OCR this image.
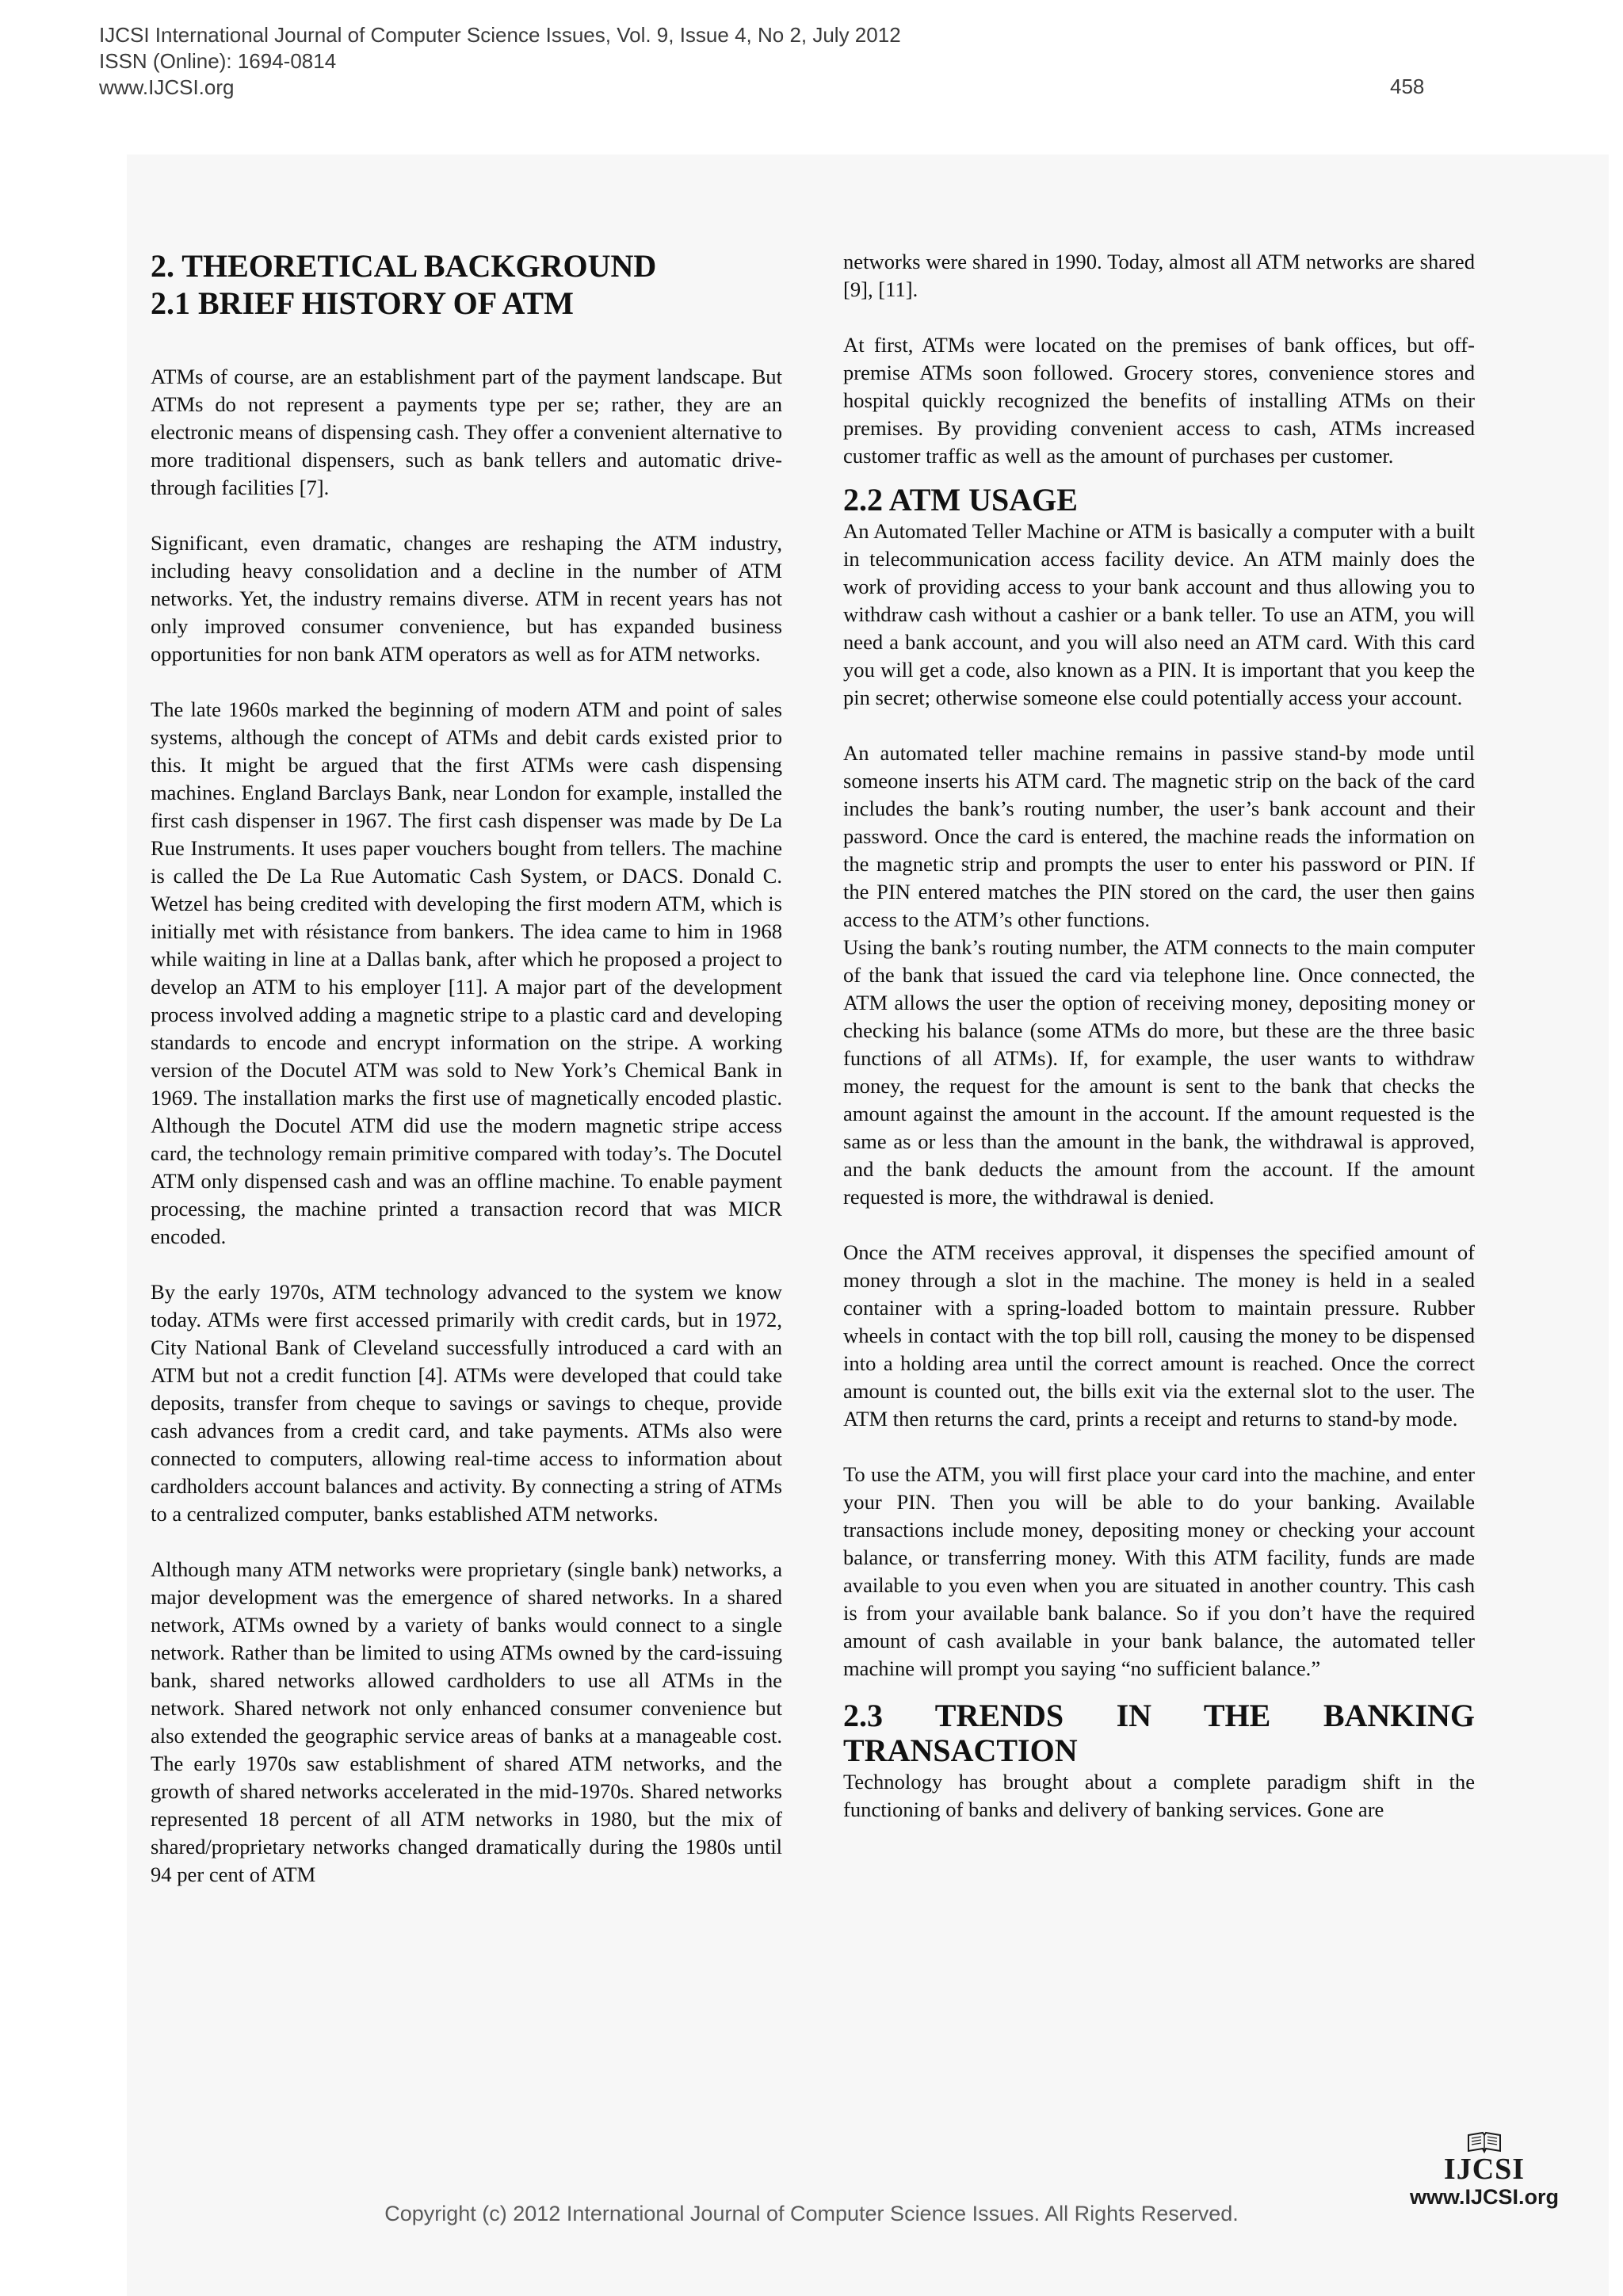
IJCSI International Journal of Computer Science Issues, Vol. 9, Issue 4, No 2, July 2012
ISSN (Online): 1694-0814
www.IJCSI.org	458
2. THEORETICAL BACKGROUND
2.1 BRIEF HISTORY OF ATM

ATMs of course, are an establishment part of the payment landscape. But ATMs do not represent a payments type per se; rather, they are an electronic means of dispensing cash. They offer a convenient alternative to more traditional dispensers, such as bank tellers and automatic drive- through facilities [7].

Significant, even dramatic, changes are reshaping the ATM industry, including heavy consolidation and a decline in the number of ATM networks. Yet, the industry remains diverse. ATM in recent years has not only improved consumer convenience, but has expanded business opportunities for non bank ATM operators as well as for ATM networks.

The late 1960s marked the beginning of modern ATM and point of sales systems, although the concept of ATMs and debit cards existed prior to this. It might be argued that the first ATMs were cash dispensing machines. England Barclays Bank, near London for example, installed the first cash dispenser in 1967. The first cash dispenser was made by De La Rue Instruments. It uses paper vouchers bought from tellers. The machine is called the De La Rue Automatic Cash System, or DACS. Donald C. Wetzel has being credited with developing the first modern ATM, which is initially met with résistance from bankers. The idea came to him in 1968 while waiting in line at a Dallas bank, after which he proposed a project to develop an ATM to his employer [11]. A major part of the development process involved adding a magnetic stripe to a plastic card and developing standards to encode and encrypt information on the stripe. A working version of the Docutel ATM was sold to New York’s Chemical Bank in 1969. The installation marks the first use of magnetically encoded plastic. Although the Docutel ATM did use the modern magnetic stripe access card, the technology remain primitive compared with today’s. The Docutel ATM only dispensed cash and was an offline machine. To enable payment processing, the machine printed a transaction record that was MICR encoded.

By the early 1970s, ATM technology advanced to the system we know today. ATMs were first accessed primarily with credit cards, but in 1972, City National Bank of Cleveland successfully introduced a card with an ATM but not a credit function [4]. ATMs were developed that could take deposits, transfer from cheque to savings or savings to cheque, provide cash advances from a credit card, and take payments. ATMs also were connected to computers, allowing real-time access to information about cardholders account balances and activity. By connecting a string of ATMs to a centralized computer, banks established ATM networks.

Although many ATM networks were proprietary (single bank) networks, a major development was the emergence of shared networks. In a shared network, ATMs owned by a variety of banks would connect to a single network. Rather than be limited to using ATMs owned by the card-issuing bank, shared networks allowed cardholders to use all ATMs in the network. Shared network not only enhanced consumer convenience but also extended the geographic service areas of banks at a manageable cost. The early 1970s saw establishment of shared ATM networks, and the growth of shared networks accelerated in the mid-1970s. Shared networks represented 18 percent of all ATM networks in 1980, but the mix of shared/proprietary networks changed dramatically during the 1980s until 94 per cent of ATM

networks were shared in 1990. Today, almost all ATM networks are shared [9], [11].

At first, ATMs were located on the premises of bank offices, but off-premise ATMs soon followed. Grocery stores, convenience stores and hospital quickly recognized the benefits of installing ATMs on their premises. By providing convenient access to cash, ATMs increased customer traffic as well as the amount of purchases per customer.

2.2 ATM USAGE

An Automated Teller Machine or ATM is basically a computer with a built in telecommunication access facility device. An ATM mainly does the work of providing access to your bank account and thus allowing you to withdraw cash without a cashier or a bank teller. To use an ATM, you will need a bank account, and you will also need an ATM card. With this card you will get a code, also known as a PIN. It is important that you keep the pin secret; otherwise someone else could potentially access your account.

An automated teller machine remains in passive stand-by mode until someone inserts his ATM card. The magnetic strip on the back of the card includes the bank’s routing number, the user’s bank account and their password. Once the card is entered, the machine reads the information on the magnetic strip and prompts the user to enter his password or PIN. If the PIN entered matches the PIN stored on the card, the user then gains access to the ATM’s other functions.

Using the bank’s routing number, the ATM connects to the main computer of the bank that issued the card via telephone line. Once connected, the ATM allows the user the option of receiving money, depositing money or checking his balance (some ATMs do more, but these are the three basic functions of all ATMs). If, for example, the user wants to withdraw money, the request for the amount is sent to the bank that checks the amount against the amount in the account. If the amount requested is the same as or less than the amount in the bank, the withdrawal is approved, and the bank deducts the amount from the account. If the amount requested is more, the withdrawal is denied.

Once the ATM receives approval, it dispenses the specified amount of money through a slot in the machine. The money is held in a sealed container with a spring-loaded bottom to maintain pressure. Rubber wheels in contact with the top bill roll, causing the money to be dispensed into a holding area until the correct amount is reached. Once the correct amount is counted out, the bills exit via the external slot to the user. The ATM then returns the card, prints a receipt and returns to stand-by mode.

To use the ATM, you will first place your card into the machine, and enter your PIN. Then you will be able to do your banking. Available transactions include money, depositing money or checking your account balance, or transferring money. With this ATM facility, funds are made available to you even when you are situated in another country. This cash is from your available bank balance. So if you don’t have the required amount of cash available in your bank balance, the automated teller machine will prompt you saying “no sufficient balance.”

2.3 TRENDS IN THE BANKING TRANSACTION

Technology has brought about a complete paradigm shift in the functioning of banks and delivery of banking services. Gone are

IJCSI
www.IJCSI.org
Copyright (c) 2012 International Journal of Computer Science Issues. All Rights Reserved.
